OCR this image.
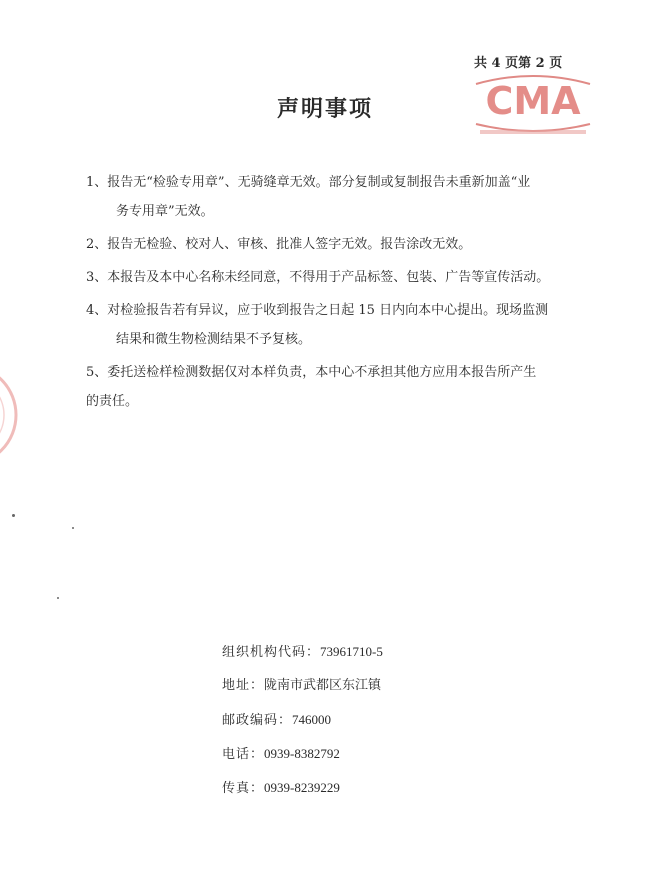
共 4 页第 2 页
CMA
声明事项
1、报告无“检验专用章”、无骑缝章无效。部分复制或复制报告未重新加盖“业
务专用章”无效。
2、报告无检验、校对人、审核、批准人签字无效。报告涂改无效。
3、本报告及本中心名称未经同意，不得用于产品标签、包装、广告等宣传活动。
4、对检验报告若有异议，应于收到报告之日起 15 日内向本中心提出。现场监测
结果和微生物检测结果不予复核。
5、委托送检样检测数据仅对本样负责，本中心不承担其他方应用本报告所产生
的责任。
组织机构代码：73961710-5
地址：陇南市武都区东江镇
邮政编码：746000
电话：0939-8382792
传真：0939-8239229
